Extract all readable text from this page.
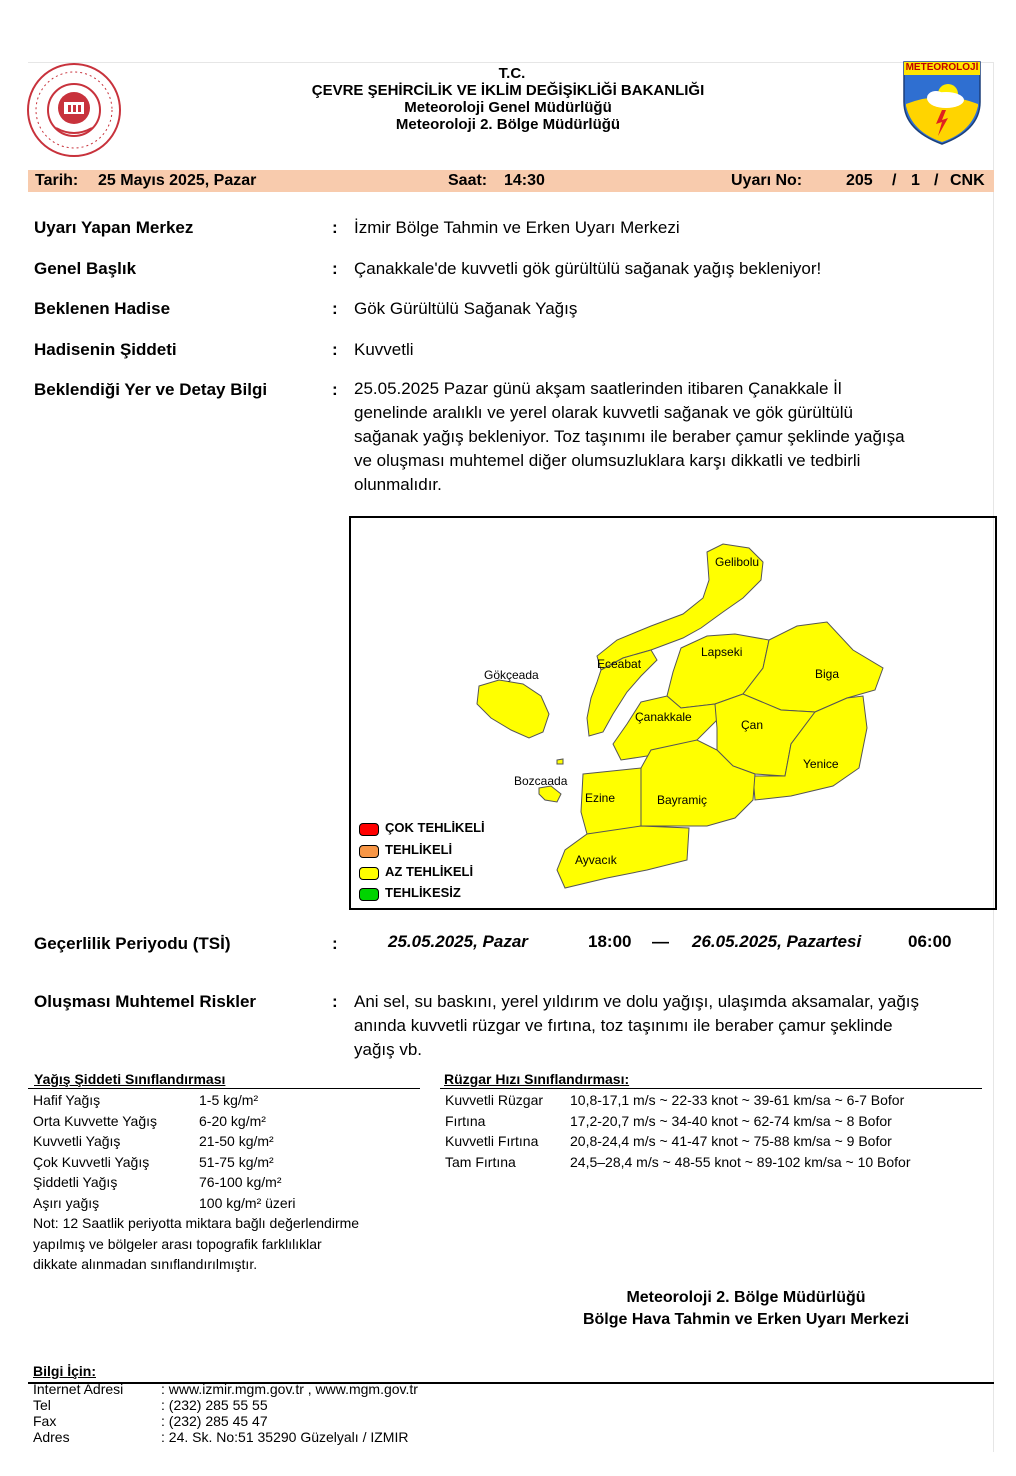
METEOROLOJİ
T.C.
ÇEVRE ŞEHİRCİLİK VE İKLİM DEĞİŞİKLİĞİ BAKANLIĞI
Meteoroloji Genel Müdürlüğü
Meteoroloji 2. Bölge Müdürlüğü
Tarih: 25 Mayıs 2025, Pazar	Saat: 14:30	Uyarı No:	205 / 1 / CNK
Uyarı Yapan Merkez	: İzmir Bölge Tahmin ve Erken Uyarı Merkezi
Genel Başlık	: Çanakkale'de kuvvetli gök gürültülü sağanak yağış bekleniyor!
Beklenen Hadise	: Gök Gürültülü Sağanak Yağış
Hadisenin Şiddeti	: Kuvvetli
Beklendiği Yer ve Detay Bilgi	: 25.05.2025 Pazar günü akşam saatlerinden itibaren Çanakkale İl
genelinde aralıklı ve yerel olarak kuvvetli sağanak ve gök gürültülü
sağanak yağış bekleniyor. Toz taşınımı ile beraber çamur şeklinde yağışa
ve oluşması muhtemel diğer olumsuzluklara karşı dikkatli ve tedbirli
olunmalıdır.
Gelibolu
Eceabat
Lapseki
Biga
Gökçeada
Çanakkale
Çan
Yenice
Bozcaada
Ezine	Bayramiç
Ayvacık
ÇOK TEHLİKELİ
TEHLİKELİ
AZ TEHLİKELİ
TEHLİKESİZ
Geçerlilik Periyodu (TSİ)	:	25.05.2025, Pazar	18:00 — 26.05.2025, Pazartesi	06:00
Oluşması Muhtemel Riskler	: Ani sel, su baskını, yerel yıldırım ve dolu yağışı, ulaşımda aksamalar, yağış
anında kuvvetli rüzgar ve fırtına, toz taşınımı ile beraber çamur şeklinde
yağış vb.
Yağış Şiddeti Sınıflandırması
Hafif Yağış	1-5 kg/m²
Orta Kuvvette Yağış	6-20 kg/m²
Kuvvetli Yağış	21-50 kg/m²
Çok Kuvvetli Yağış	51-75 kg/m²
Şiddetli Yağış	76-100 kg/m²
Aşırı yağış	100 kg/m² üzeri
Not: 12 Saatlik periyotta miktara bağlı değerlendirme
yapılmış ve bölgeler arası topografik farklılıklar
dikkate alınmadan sınıflandırılmıştır.
Rüzgar Hızı Sınıflandırması:
Kuvvetli Rüzgar	10,8-17,1 m/s ~ 22-33 knot ~ 39-61 km/sa ~ 6-7 Bofor
Fırtına	17,2-20,7 m/s ~ 34-40 knot ~ 62-74 km/sa ~ 8 Bofor
Kuvvetli Fırtına	20,8-24,4 m/s ~ 41-47 knot ~ 75-88 km/sa ~ 9 Bofor
Tam Fırtına	24,5–28,4 m/s ~ 48-55 knot ~ 89-102 km/sa ~ 10 Bofor
Meteoroloji 2. Bölge Müdürlüğü
Bölge Hava Tahmin ve Erken Uyarı Merkezi
Bilgi İçin:
Internet Adresi	: www.izmir.mgm.gov.tr , www.mgm.gov.tr
Tel	: (232) 285 55 55
Fax	: (232) 285 45 47
Adres	: 24. Sk. No:51 35290 Güzelyalı / IZMIR
